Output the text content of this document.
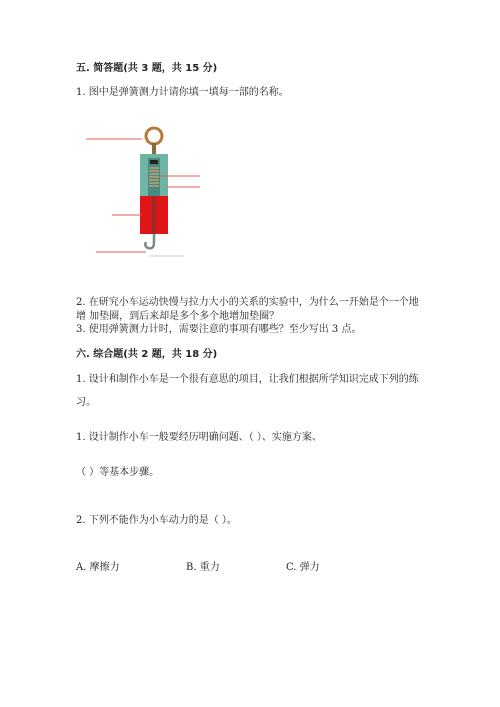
五. 简答题(共 3 题，共 15 分)
1. 图中是弹簧测力计请你填一填每一部的名称。
2. 在研究小车运动快慢与拉力大小的关系的实验中，为什么一开始是个一个地
增 加垫圈，到后来却是多个多个地增加垫圈？
3. 使用弹簧测力计时，需要注意的事项有哪些？至少写出 3 点。
六. 综合题(共 2 题，共 18 分)
1. 设计和制作小车是一个很有意思的项目，让我们根据所学知识完成下列的练
习。
1. 设计制作小车一般要经历明确问题、（ ）、实施方案、
（ ）等基本步骤。
2. 下列不能作为小车动力的是（ ）。
A. 摩擦力	B. 重力	C. 弹力
